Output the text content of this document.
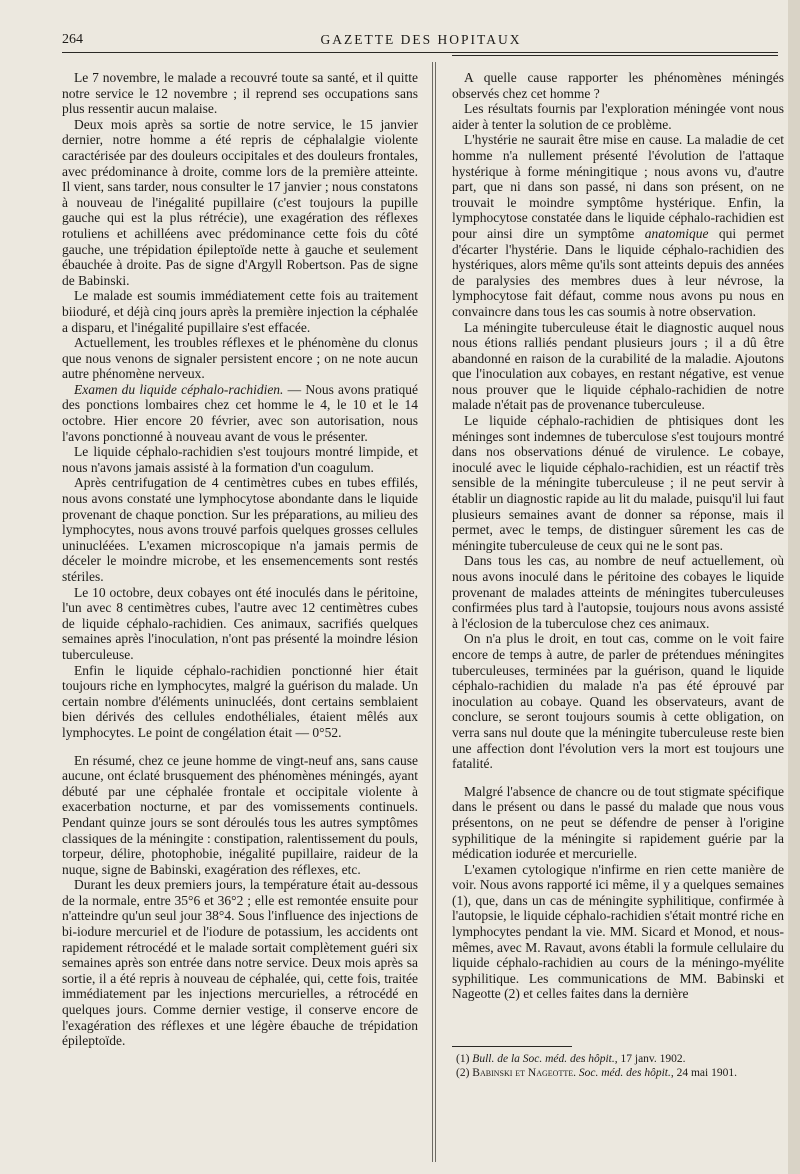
264	GAZETTE DES HOPITAUX

Le 7 novembre, le malade a recouvré toute sa santé, et il quitte notre service le 12 novembre ; il reprend ses occupations sans plus ressentir aucun malaise.

Deux mois après sa sortie de notre service, le 15 janvier dernier, notre homme a été repris de céphalalgie violente caractérisée par des douleurs occipitales et des douleurs frontales, avec prédominance à droite, comme lors de la première atteinte. Il vient, sans tarder, nous consulter le 17 janvier ; nous constatons à nouveau de l'inégalité pupillaire (c'est toujours la pupille gauche qui est la plus rétrécie), une exagération des réflexes rotuliens et achilléens avec prédominance cette fois du côté gauche, une trépidation épileptoïde nette à gauche et seulement ébauchée à droite. Pas de signe d'Argyll Robertson. Pas de signe de Babinski.

Le malade est soumis immédiatement cette fois au traitement biioduré, et déjà cinq jours après la première injection la céphalée a disparu, et l'inégalité pupillaire s'est effacée.

Actuellement, les troubles réflexes et le phénomène du clonus que nous venons de signaler persistent encore ; on ne note aucun autre phénomène nerveux.

Examen du liquide céphalo-rachidien. — Nous avons pratiqué des ponctions lombaires chez cet homme le 4, le 10 et le 14 octobre. Hier encore 20 février, avec son autorisation, nous l'avons ponctionné à nouveau avant de vous le présenter.

Le liquide céphalo-rachidien s'est toujours montré limpide, et nous n'avons jamais assisté à la formation d'un coagulum.

Après centrifugation de 4 centimètres cubes en tubes effilés, nous avons constaté une lymphocytose abondante dans le liquide provenant de chaque ponction. Sur les préparations, au milieu des lymphocytes, nous avons trouvé parfois quelques grosses cellules uninucléées. L'examen microscopique n'a jamais permis de déceler le moindre microbe, et les ensemencements sont restés stériles.

Le 10 octobre, deux cobayes ont été inoculés dans le péritoine, l'un avec 8 centimètres cubes, l'autre avec 12 centimètres cubes de liquide céphalo-rachidien. Ces animaux, sacrifiés quelques semaines après l'inoculation, n'ont pas présenté la moindre lésion tuberculeuse.

Enfin le liquide céphalo-rachidien ponctionné hier était toujours riche en lymphocytes, malgré la guérison du malade. Un certain nombre d'éléments uninucléés, dont certains semblaient bien dérivés des cellules endothéliales, étaient mêlés aux lymphocytes. Le point de congélation était — 0°52.

En résumé, chez ce jeune homme de vingt-neuf ans, sans cause aucune, ont éclaté brusquement des phénomènes méningés, ayant débuté par une céphalée frontale et occipitale violente à exacerbation nocturne, et par des vomissements continuels. Pendant quinze jours se sont déroulés tous les autres symptômes classiques de la méningite : constipation, ralentissement du pouls, torpeur, délire, photophobie, inégalité pupillaire, raideur de la nuque, signe de Babinski, exagération des réflexes, etc.

Durant les deux premiers jours, la température était au-dessous de la normale, entre 35°6 et 36°2 ; elle est remontée ensuite pour n'atteindre qu'un seul jour 38°4. Sous l'influence des injections de bi-iodure mercuriel et de l'iodure de potassium, les accidents ont rapidement rétrocédé et le malade sortait complètement guéri six semaines après son entrée dans notre service. Deux mois après sa sortie, il a été repris à nouveau de céphalée, qui, cette fois, traitée immédiatement par les injections mercurielles, a rétrocédé en quelques jours. Comme dernier vestige, il conserve encore de l'exagération des réflexes et une légère ébauche de trépidation épileptoïde.

A quelle cause rapporter les phénomènes méningés observés chez cet homme ?

Les résultats fournis par l'exploration méningée vont nous aider à tenter la solution de ce problème.

L'hystérie ne saurait être mise en cause. La maladie de cet homme n'a nullement présenté l'évolution de l'attaque hystérique à forme méningitique ; nous avons vu, d'autre part, que ni dans son passé, ni dans son présent, on ne trouvait le moindre symptôme hystérique. Enfin, la lymphocytose constatée dans le liquide céphalo-rachidien est pour ainsi dire un symptôme anatomique qui permet d'écarter l'hystérie. Dans le liquide céphalo-rachidien des hystériques, alors même qu'ils sont atteints depuis des années de paralysies des membres dues à leur névrose, la lymphocytose fait défaut, comme nous avons pu nous en convaincre dans tous les cas soumis à notre observation.

La méningite tuberculeuse était le diagnostic auquel nous nous étions ralliés pendant plusieurs jours ; il a dû être abandonné en raison de la curabilité de la maladie. Ajoutons que l'inoculation aux cobayes, en restant négative, est venue nous prouver que le liquide céphalo-rachidien de notre malade n'était pas de provenance tuberculeuse.

Le liquide céphalo-rachidien de phtisiques dont les méninges sont indemnes de tuberculose s'est toujours montré dans nos observations dénué de virulence. Le cobaye, inoculé avec le liquide céphalo-rachidien, est un réactif très sensible de la méningite tuberculeuse ; il ne peut servir à établir un diagnostic rapide au lit du malade, puisqu'il lui faut plusieurs semaines avant de donner sa réponse, mais il permet, avec le temps, de distinguer sûrement les cas de méningite tuberculeuse de ceux qui ne le sont pas.

Dans tous les cas, au nombre de neuf actuellement, où nous avons inoculé dans le péritoine des cobayes le liquide provenant de malades atteints de méningites tuberculeuses confirmées plus tard à l'autopsie, toujours nous avons assisté à l'éclosion de la tuberculose chez ces animaux.

On n'a plus le droit, en tout cas, comme on le voit faire encore de temps à autre, de parler de prétendues méningites tuberculeuses, terminées par la guérison, quand le liquide céphalo-rachidien du malade n'a pas été éprouvé par inoculation au cobaye. Quand les observateurs, avant de conclure, se seront toujours soumis à cette obligation, on verra sans nul doute que la méningite tuberculeuse reste bien une affection dont l'évolution vers la mort est toujours une fatalité.

Malgré l'absence de chancre ou de tout stigmate spécifique dans le présent ou dans le passé du malade que nous vous présentons, on ne peut se défendre de penser à l'origine syphilitique de la méningite si rapidement guérie par la médication iodurée et mercurielle.

L'examen cytologique n'infirme en rien cette manière de voir. Nous avons rapporté ici même, il y a quelques semaines (1), que, dans un cas de méningite syphilitique, confirmée à l'autopsie, le liquide céphalo-rachidien s'était montré riche en lymphocytes pendant la vie. MM. Sicard et Monod, et nous-mêmes, avec M. Ravaut, avons établi la formule cellulaire du liquide céphalo-rachidien au cours de la méningo-myélite syphilitique. Les communications de MM. Babinski et Nageotte (2) et celles faites dans la dernière

(1) Bull. de la Soc. méd. des hôpit., 17 janv. 1902.
(2) Babinski et Nageotte. Soc. méd. des hôpit., 24 mai 1901.
